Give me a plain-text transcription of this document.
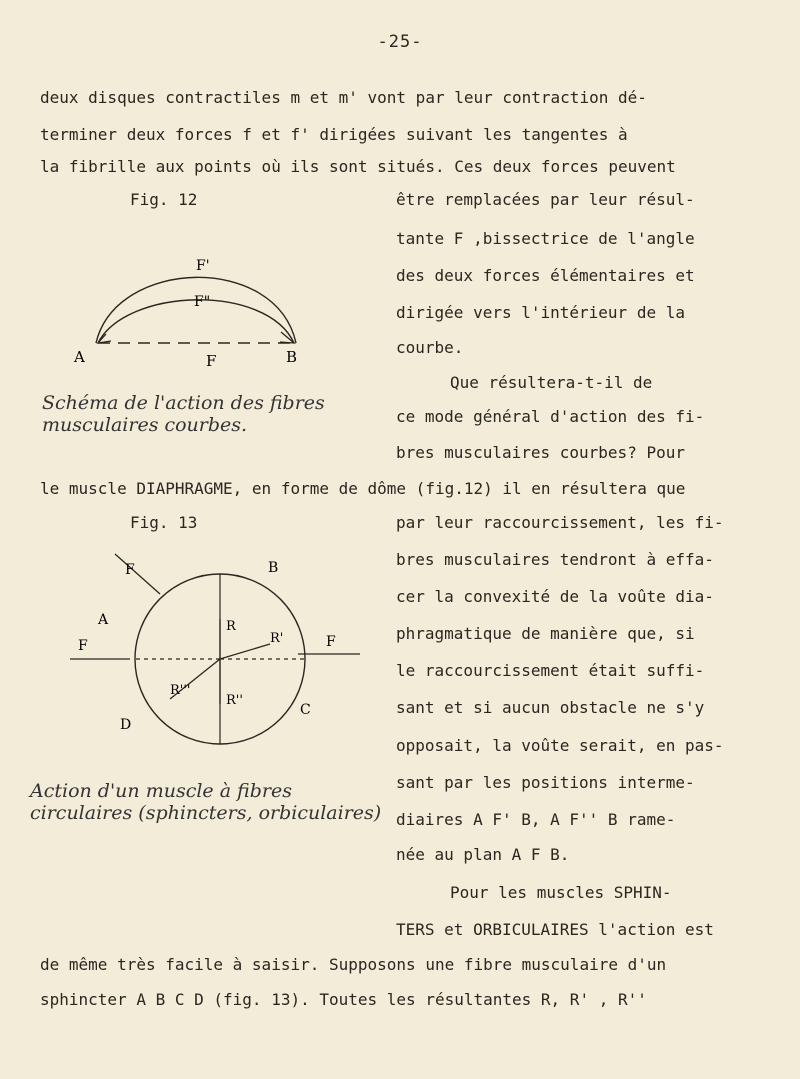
-25-
deux disques contractiles m et m' vont par leur contraction dé-
terminer deux forces f et f' dirigées suivant les tangentes à
la fibrille aux points où ils sont situés. Ces deux forces peuvent
Fig. 12
F'
F"
A	F	B
Schéma de l'action des fibres musculaires courbes.
être remplacées par leur résul-
tante F ,bissectrice de l'angle
des deux forces élémentaires et
dirigée vers l'intérieur de la
courbe.
Que résultera-t-il de
ce mode général d'action des fi-
bres musculaires courbes? Pour
le muscle DIAPHRAGME, en forme de dôme (fig.12) il en résultera que
Fig. 13
F
A
B
R
R'	F
F
R'''
R''
D
C
Action d'un muscle à fibres circulaires (sphincters, orbiculaires)
par leur raccourcissement, les fi-
bres musculaires tendront à effa-
cer la convexité de la voûte dia-
phragmatique de manière que, si
le raccourcissement était suffi-
sant et si aucun obstacle ne s'y
opposait, la voûte serait, en pas-
sant par les positions interme-
diaires A F' B, A F'' B rame-
née au plan A F B.
Pour les muscles SPHIN-
TERS et ORBICULAIRES l'action est
de même très facile à saisir. Supposons une fibre musculaire d'un
sphincter A B C D (fig. 13). Toutes les résultantes R, R' , R''
